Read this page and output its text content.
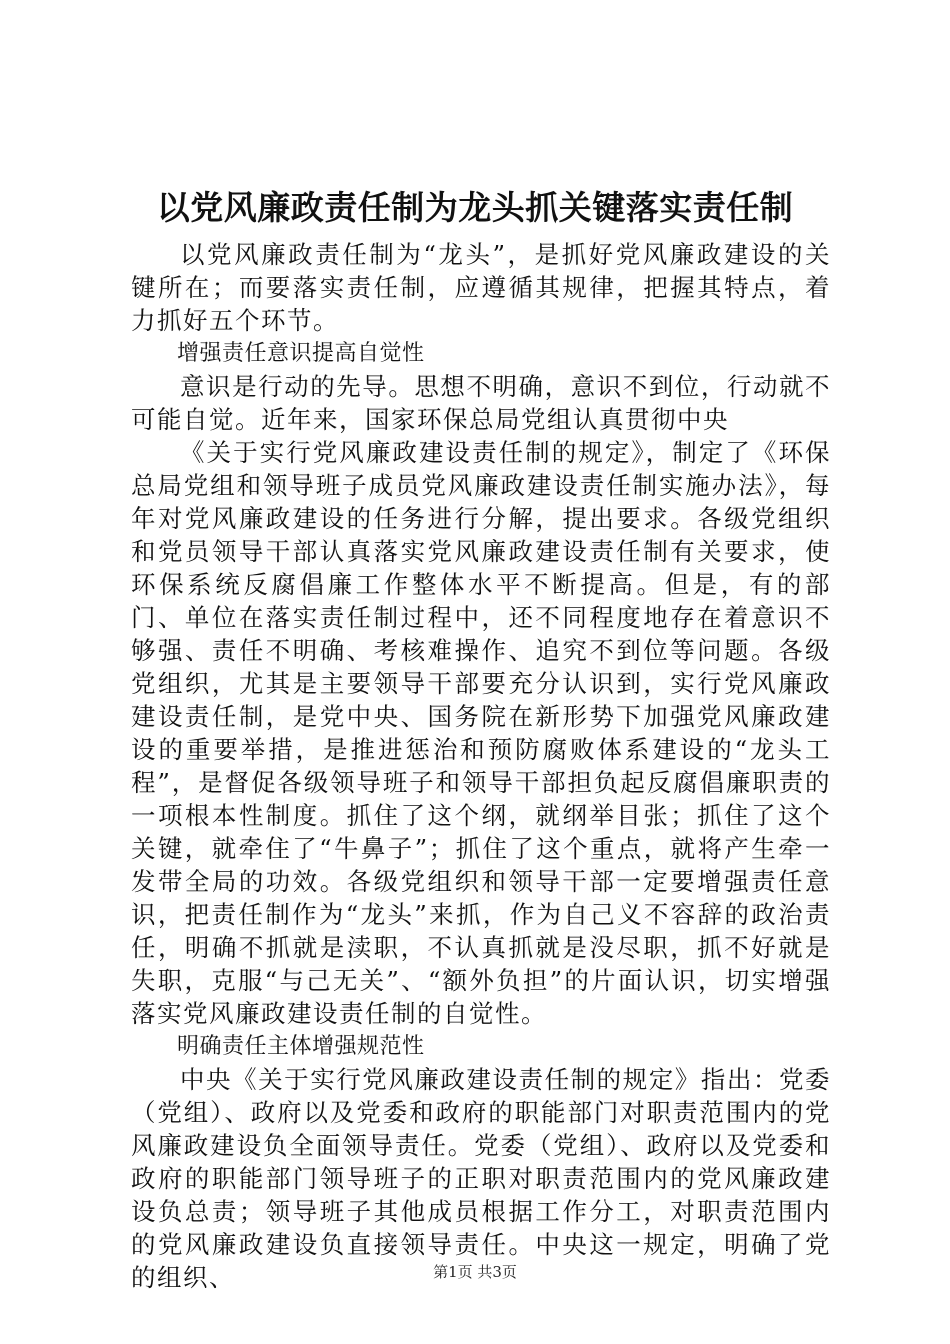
以党风廉政责任制为龙头抓关键落实责任制

以党风廉政责任制为“龙头”，是抓好党风廉政建设的关键所在；而要落实责任制，应遵循其规律，把握其特点，着力抓好五个环节。

增强责任意识提高自觉性

意识是行动的先导。思想不明确，意识不到位，行动就不可能自觉。近年来，国家环保总局党组认真贯彻中央

《关于实行党风廉政建设责任制的规定》，制定了《环保总局党组和领导班子成员党风廉政建设责任制实施办法》，每年对党风廉政建设的任务进行分解，提出要求。各级党组织和党员领导干部认真落实党风廉政建设责任制有关要求，使环保系统反腐倡廉工作整体水平不断提高。但是，有的部门、单位在落实责任制过程中，还不同程度地存在着意识不够强、责任不明确、考核难操作、追究不到位等问题。各级党组织，尤其是主要领导干部要充分认识到，实行党风廉政建设责任制，是党中央、国务院在新形势下加强党风廉政建设的重要举措，是推进惩治和预防腐败体系建设的“龙头工程”，是督促各级领导班子和领导干部担负起反腐倡廉职责的一项根本性制度。抓住了这个纲，就纲举目张；抓住了这个关键，就牵住了“牛鼻子”；抓住了这个重点，就将产生牵一发带全局的功效。各级党组织和领导干部一定要增强责任意识，把责任制作为“龙头”来抓，作为自己义不容辞的政治责任，明确不抓就是渎职，不认真抓就是没尽职，抓不好就是失职，克服“与己无关”、“额外负担”的片面认识，切实增强落实党风廉政建设责任制的自觉性。

明确责任主体增强规范性

中央《关于实行党风廉政建设责任制的规定》指出：党委（党组）、政府以及党委和政府的职能部门对职责范围内的党风廉政建设负全面领导责任。党委（党组）、政府以及党委和政府的职能部门领导班子的正职对职责范围内的党风廉政建设负总责；领导班子其他成员根据工作分工，对职责范围内的党风廉政建设负直接领导责任。中央这一规定，明确了党的组织、	第1页 共3页
